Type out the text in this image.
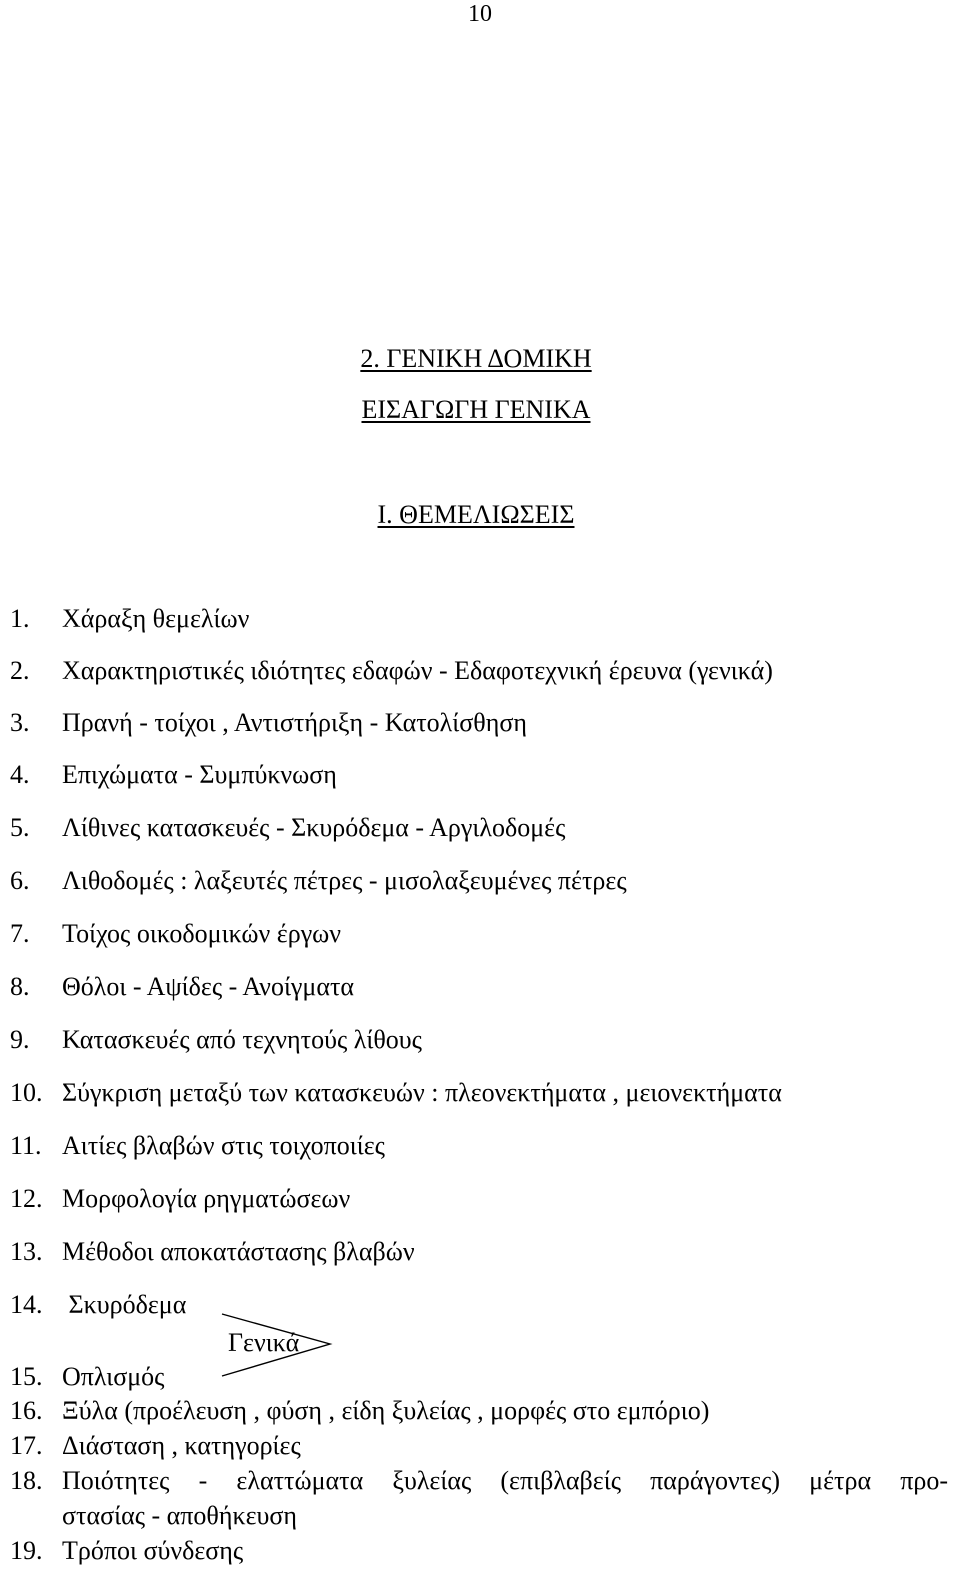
10
2. ΓΕΝΙΚΗ ΔΟΜΙΚΗ
ΕΙΣΑΓΩΓΗ ΓΕΝΙΚΑ
Ι. ΘΕΜΕΛΙΩΣΕΙΣ
1. Χάραξη θεμελίων
2. Χαρακτηριστικές ιδιότητες εδαφών - Εδαφοτεχνική έρευνα (γενικά)
3. Πρανή - τοίχοι , Αντιστήριξη - Κατολίσθηση
4. Επιχώματα - Συμπύκνωση
5. Λίθινες κατασκευές - Σκυρόδεμα - Αργιλοδομές
6. Λιθοδομές : λαξευτές πέτρες - μισολαξευμένες πέτρες
7. Τοίχος οικοδομικών έργων
8. Θόλοι - Αψίδες - Ανοίγματα
9. Κατασκευές από τεχνητούς λίθους
10. Σύγκριση μεταξύ των κατασκευών : πλεονεκτήματα , μειονεκτήματα
11. Αιτίες βλαβών στις τοιχοποιίες
12. Μορφολογία ρηγματώσεων
13. Μέθοδοι αποκατάστασης βλαβών
14. Σκυρόδεμα
Γενικά
15. Οπλισμός
16. Ξύλα (προέλευση , φύση , είδη ξυλείας , μορφές στο εμπόριο)
17. Διάσταση , κατηγορίες
18. Ποιότητες - ελαττώματα ξυλείας (επιβλαβείς παράγοντες) μέτρα προ-
στασίας - αποθήκευση
19. Τρόποι σύνδεσης
